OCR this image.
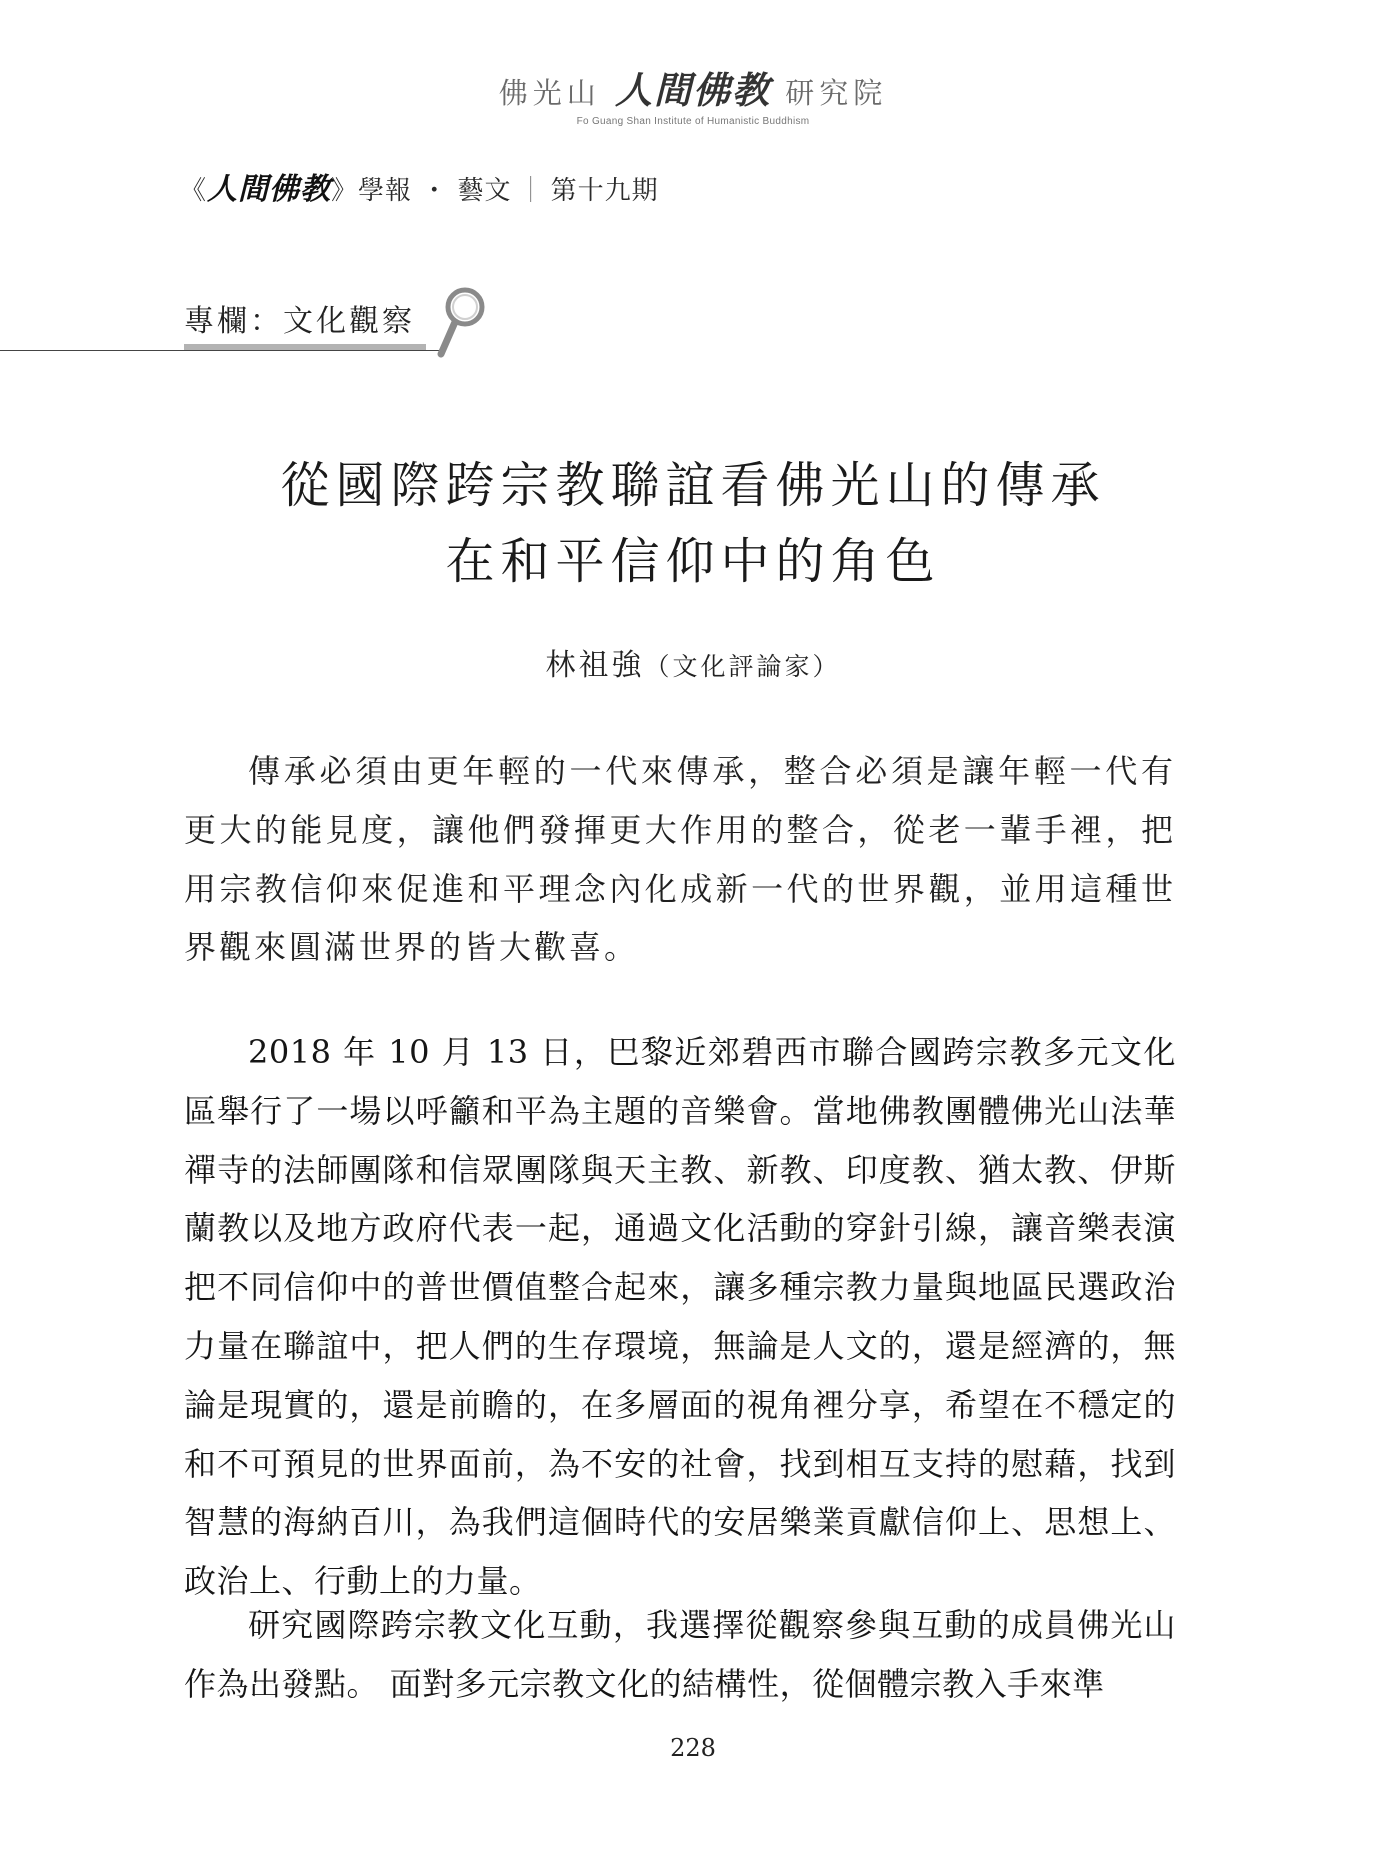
佛光山 人間佛教 研究院
Fo Guang Shan Institute of Humanistic Buddhism
《人間佛教》學報 ・ 藝文 ｜ 第十九期
專欄：文化觀察
從國際跨宗教聯誼看佛光山的傳承
在和平信仰中的角色
林祖強（文化評論家）

傳承必須由更年輕的一代來傳承，整合必須是讓年輕一代有更大的能見度，讓他們發揮更大作用的整合，從老一輩手裡，把用宗教信仰來促進和平理念內化成新一代的世界觀，並用這種世界觀來圓滿世界的皆大歡喜。

2018 年 10 月 13 日，巴黎近郊碧西市聯合國跨宗教多元文化區舉行了一場以呼籲和平為主題的音樂會。當地佛教團體佛光山法華禪寺的法師團隊和信眾團隊與天主教、新教、印度教、猶太教、伊斯蘭教以及地方政府代表一起，通過文化活動的穿針引線，讓音樂表演把不同信仰中的普世價值整合起來，讓多種宗教力量與地區民選政治力量在聯誼中，把人們的生存環境，無論是人文的，還是經濟的，無論是現實的，還是前瞻的，在多層面的視角裡分享，希望在不穩定的和不可預見的世界面前，為不安的社會，找到相互支持的慰藉，找到智慧的海納百川，為我們這個時代的安居樂業貢獻信仰上、思想上、政治上、行動上的力量。

研究國際跨宗教文化互動，我選擇從觀察參與互動的成員佛光山作為出發點。 面對多元宗教文化的結構性，從個體宗教入手來準

228
